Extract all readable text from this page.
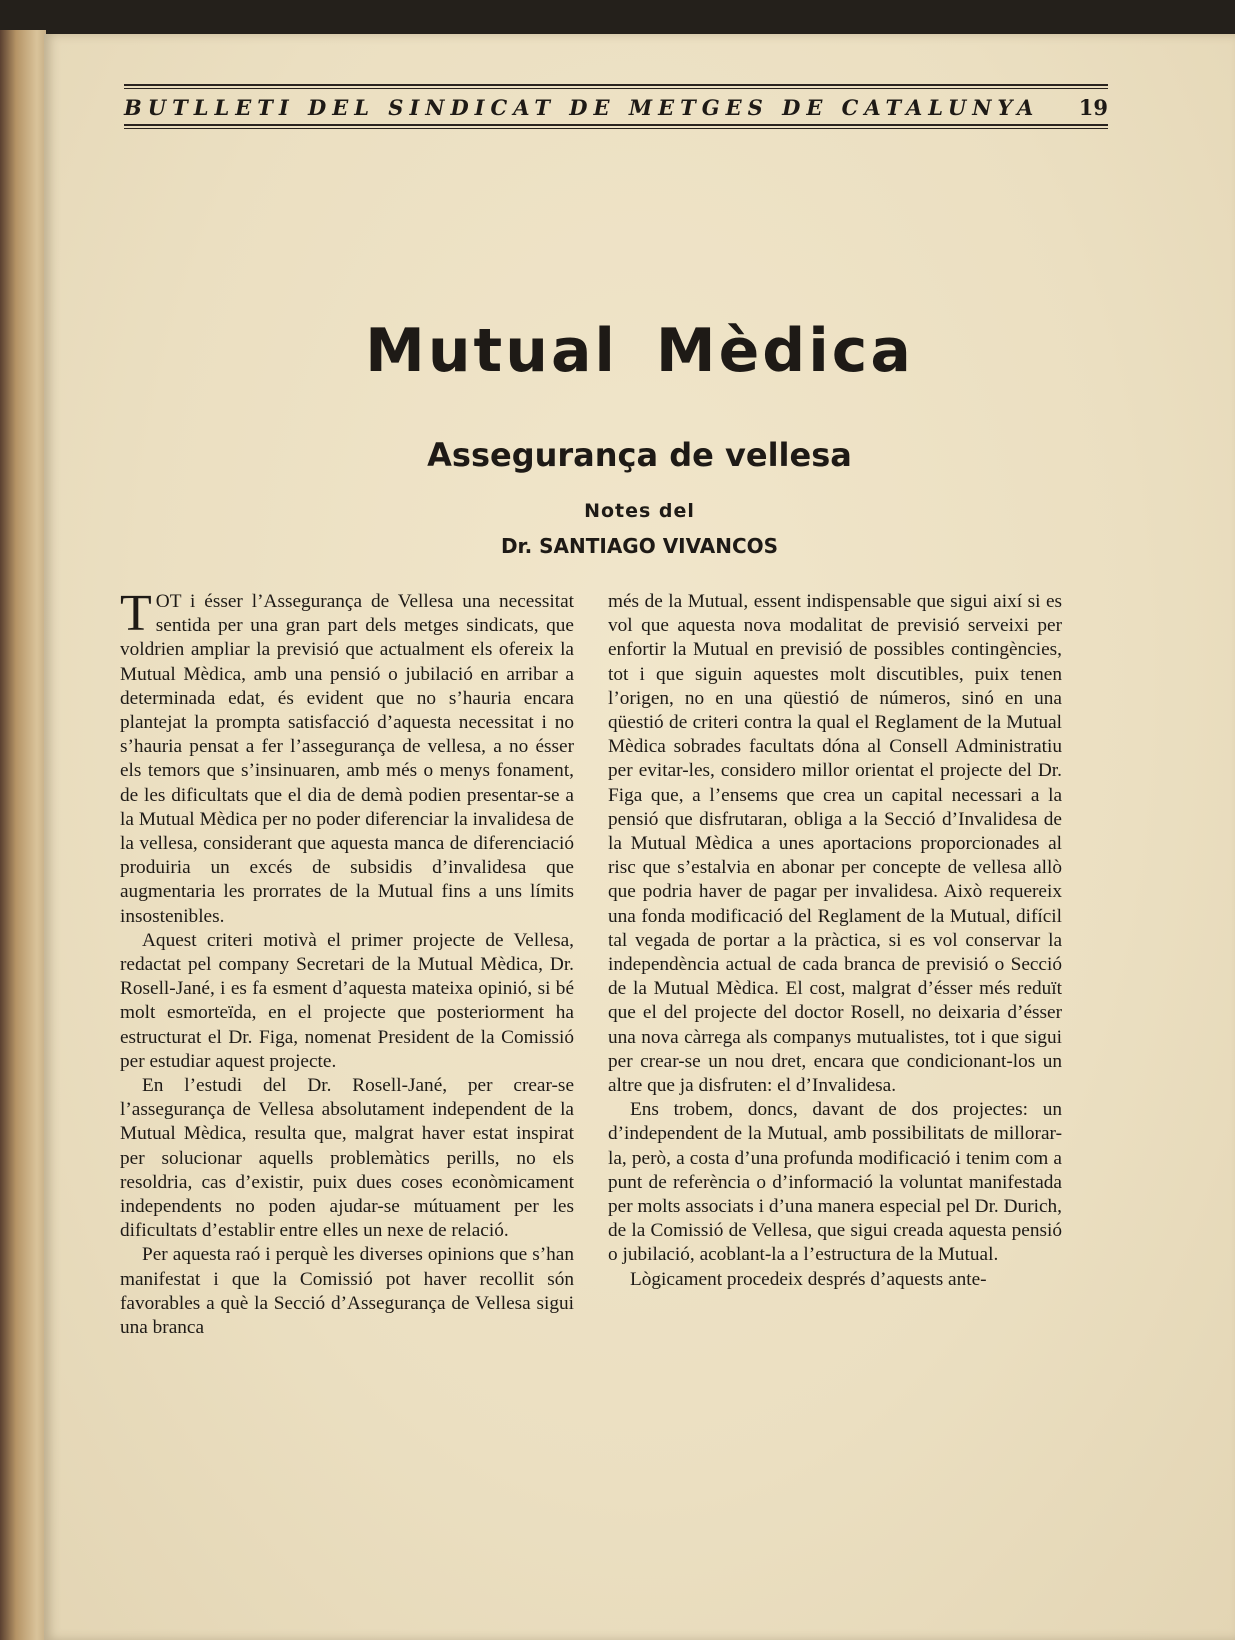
BUTLLETI DEL SINDICAT DE METGES DE CATALUNYA 19
Mutual Mèdica
Assegurança de vellesa
Notes del
Dr. SANTIAGO VIVANCOS

TOT i ésser l’Assegurança de Vellesa una necessitat sentida per una gran part dels metges sindicats, que voldrien ampliar la previsió que actualment els ofereix la Mutual Mèdica, amb una pensió o jubilació en arribar a determinada edat, és evident que no s’hauria encara plantejat la prompta satisfacció d’aquesta necessitat i no s’hauria pensat a fer l’assegurança de vellesa, a no ésser els temors que s’insinuaren, amb més o menys fonament, de les dificultats que el dia de demà podien presentar-se a la Mutual Mèdica per no poder diferenciar la invalidesa de la vellesa, considerant que aquesta manca de diferenciació produiria un excés de subsidis d’invalidesa que augmentaria les prorrates de la Mutual fins a uns límits insostenibles.

Aquest criteri motivà el primer projecte de Vellesa, redactat pel company Secretari de la Mutual Mèdica, Dr. Rosell-Jané, i es fa esment d’aquesta mateixa opinió, si bé molt esmorteïda, en el projecte que posteriorment ha estructurat el Dr. Figa, nomenat President de la Comissió per estudiar aquest projecte.

En l’estudi del Dr. Rosell-Jané, per crear-se l’assegurança de Vellesa absolutament independent de la Mutual Mèdica, resulta que, malgrat haver estat inspirat per solucionar aquells problemàtics perills, no els resoldria, cas d’existir, puix dues coses econòmicament independents no poden ajudar-se mútuament per les dificultats d’establir entre elles un nexe de relació.

Per aquesta raó i perquè les diverses opinions que s’han manifestat i que la Comissió pot haver recollit són favorables a què la Secció d’Assegurança de Vellesa sigui una branca

més de la Mutual, essent indispensable que sigui així si es vol que aquesta nova modalitat de previsió serveixi per enfortir la Mutual en previsió de possibles contingències, tot i que siguin aquestes molt discutibles, puix tenen l’origen, no en una qüestió de números, sinó en una qüestió de criteri contra la qual el Reglament de la Mutual Mèdica sobrades facultats dóna al Consell Administratiu per evitar-les, considero millor orientat el projecte del Dr. Figa que, a l’ensems que crea un capital necessari a la pensió que disfrutaran, obliga a la Secció d’Invalidesa de la Mutual Mèdica a unes aportacions proporcionades al risc que s’estalvia en abonar per concepte de vellesa allò que podria haver de pagar per invalidesa. Això requereix una fonda modificació del Reglament de la Mutual, difícil tal vegada de portar a la pràctica, si es vol conservar la independència actual de cada branca de previsió o Secció de la Mutual Mèdica. El cost, malgrat d’ésser més reduït que el del projecte del doctor Rosell, no deixaria d’ésser una nova càrrega als companys mutualistes, tot i que sigui per crear-se un nou dret, encara que condicionant-los un altre que ja disfruten: el d’Invalidesa.

Ens trobem, doncs, davant de dos projectes: un d’independent de la Mutual, amb possibilitats de millorar-la, però, a costa d’una profunda modificació i tenim com a punt de referència o d’informació la voluntat manifestada per molts associats i d’una manera especial pel Dr. Durich, de la Comissió de Vellesa, que sigui creada aquesta pensió o jubilació, acoblant-la a l’estructura de la Mutual.

Lògicament procedeix després d’aquests ante-
